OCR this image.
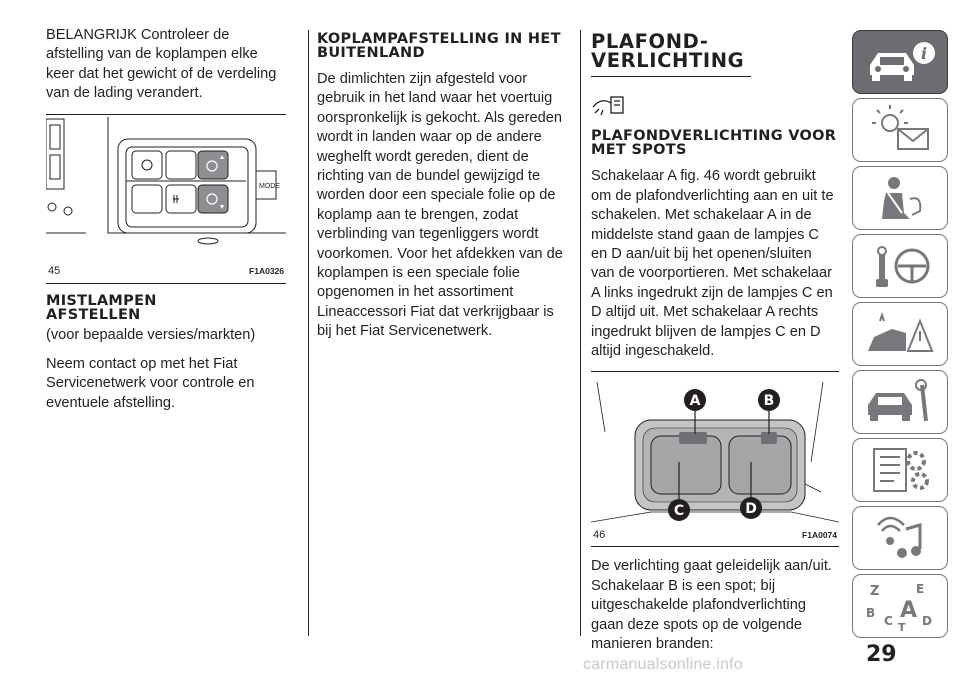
BELANGRIJK Controleer de afstelling van de koplampen elke keer dat het gewicht of de verdeling van de lading verandert.

MODE
45	F1A0326
MISTLAMPEN AFSTELLEN

(voor bepaalde versies/markten)

Neem contact op met het Fiat Servicenetwerk voor controle en eventuele afstelling.

KOPLAMPAFSTELLING IN HET BUITENLAND

De dimlichten zijn afgesteld voor gebruik in het land waar het voertuig oorspronkelijk is gekocht. Als gereden wordt in landen waar op de andere weghelft wordt gereden, dient de richting van de bundel gewijzigd te worden door een speciale folie op de koplamp aan te brengen, zodat verblinding van tegenliggers wordt voorkomen. Voor het afdekken van de koplampen is een speciale folie opgenomen in het assortiment Lineaccessori Fiat dat verkrijgbaar is bij het Fiat Servicenetwerk.

PLAFOND-VERLICHTING
PLAFONDVERLICHTING VOOR MET SPOTS

Schakelaar A fig. 46 wordt gebruikt om de plafondverlichting aan en uit te schakelen. Met schakelaar A in de middelste stand gaan de lampjes C en D aan/uit bij het openen/sluiten van de voorportieren. Met schakelaar A links ingedrukt zijn de lampjes C en D altijd uit. Met schakelaar A rechts ingedrukt blijven de lampjes C en D altijd ingeschakeld.

A	B
C	D
46	F1A0074

De verlichting gaat geleidelijk aan/uit. Schakelaar B is een spot; bij uitgeschakelde plafondverlichting gaan deze spots op de volgende manieren branden:

i
Z	E
B A
C T D
29
carmanualsonline.info
